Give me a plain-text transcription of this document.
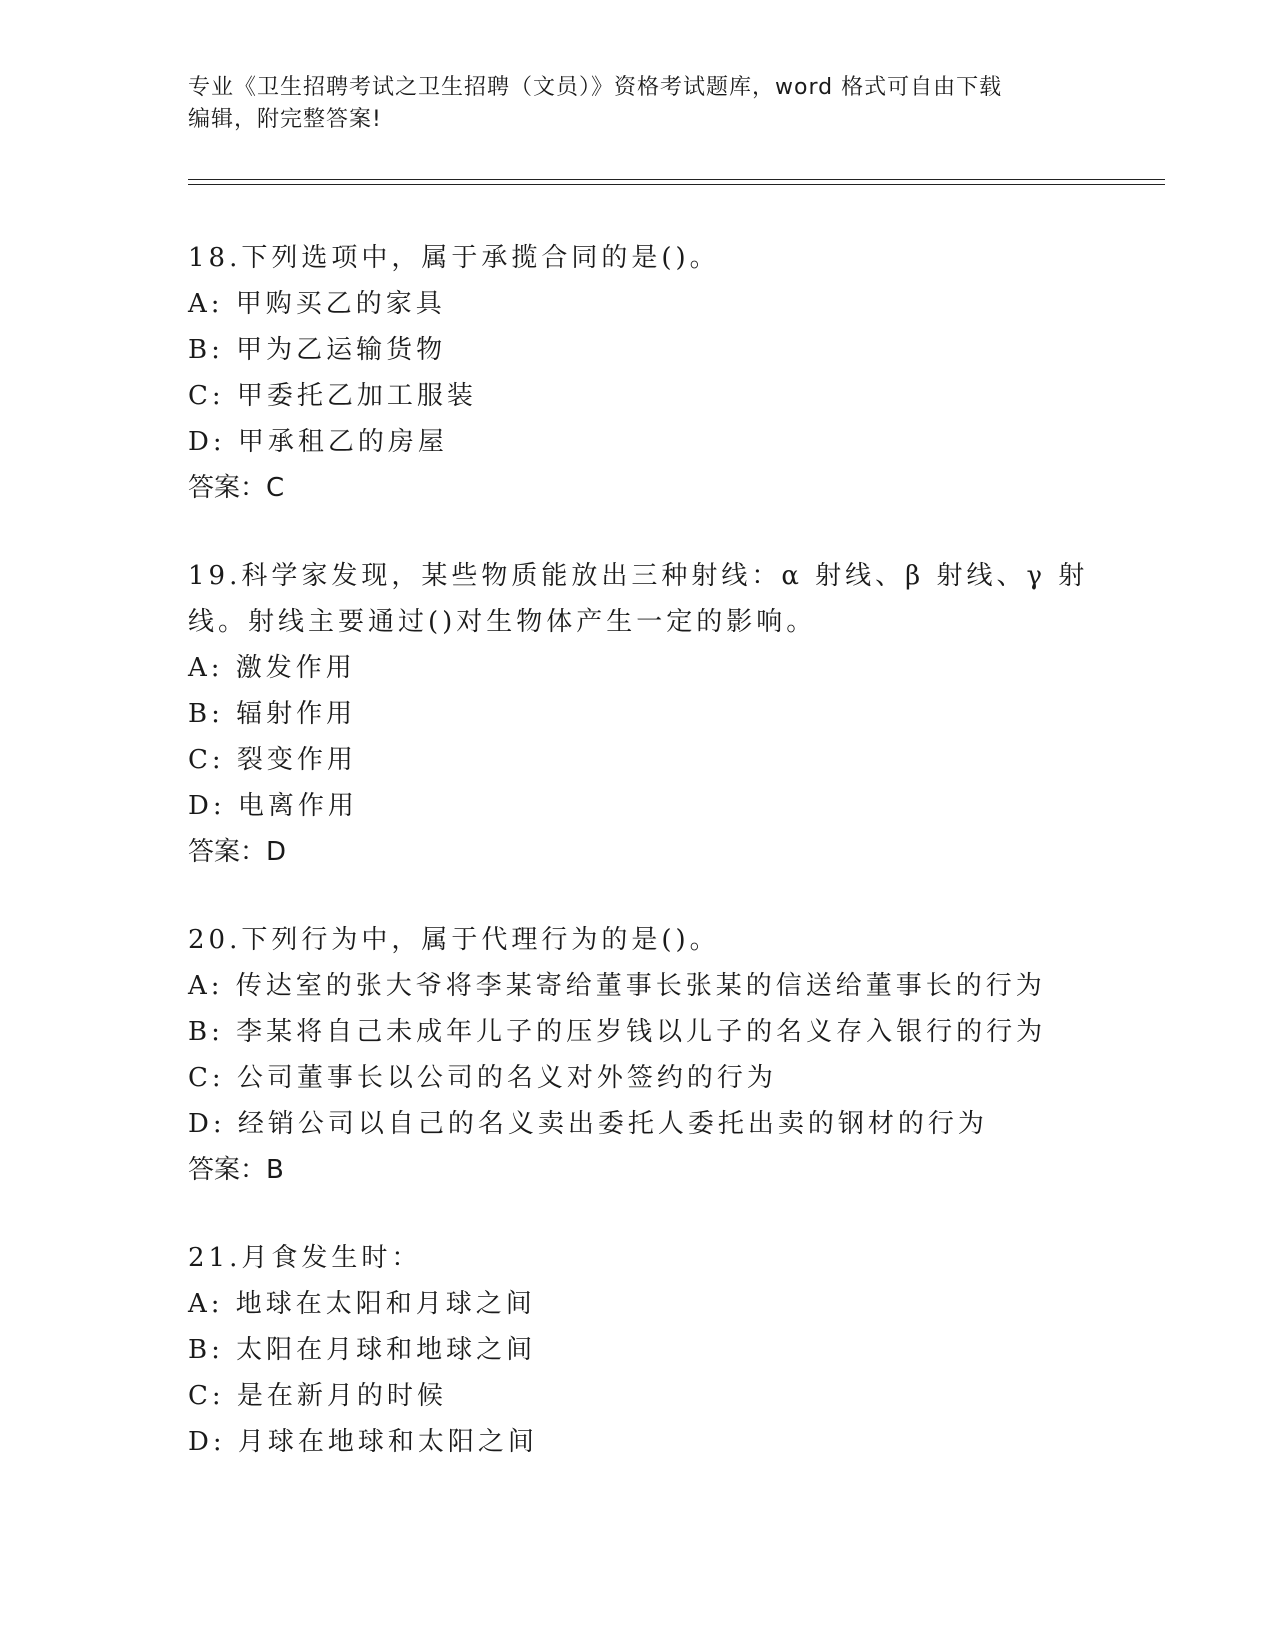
专业《卫生招聘考试之卫生招聘（文员）》资格考试题库，word 格式可自由下载
编辑，附完整答案!
18.下列选项中，属于承揽合同的是()。
A: 甲购买乙的家具
B: 甲为乙运输货物
C: 甲委托乙加工服装
D: 甲承租乙的房屋
答案：C
19.科学家发现，某些物质能放出三种射线：α 射线、β 射线、γ 射
线。射线主要通过()对生物体产生一定的影响。
A: 激发作用
B: 辐射作用
C: 裂变作用
D: 电离作用
答案：D
20.下列行为中，属于代理行为的是()。
A: 传达室的张大爷将李某寄给董事长张某的信送给董事长的行为
B: 李某将自己未成年儿子的压岁钱以儿子的名义存入银行的行为
C: 公司董事长以公司的名义对外签约的行为
D: 经销公司以自己的名义卖出委托人委托出卖的钢材的行为
答案：B
21.月食发生时：
A: 地球在太阳和月球之间
B: 太阳在月球和地球之间
C: 是在新月的时候
D: 月球在地球和太阳之间
